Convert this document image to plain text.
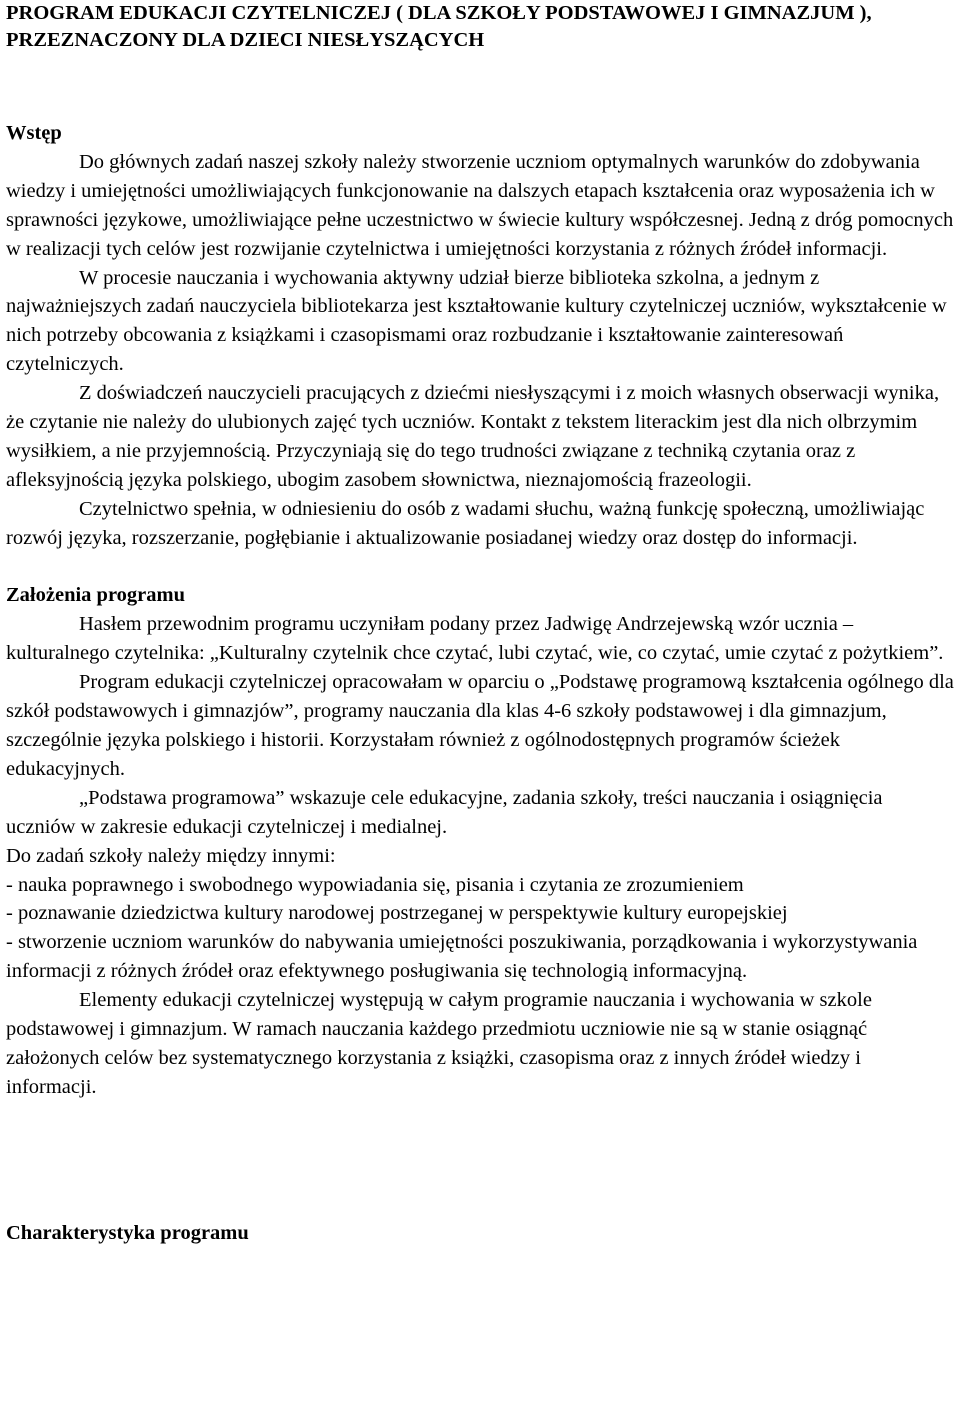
PROGRAM EDUKACJI CZYTELNICZEJ ( DLA SZKOŁY PODSTAWOWEJ I GIMNAZJUM ), PRZEZNACZONY DLA DZIECI NIESŁYSZĄCYCH
Wstęp

Do głównych zadań naszej szkoły należy stworzenie uczniom optymalnych warunków do zdobywania wiedzy i umiejętności umożliwiających funkcjonowanie na dalszych etapach kształcenia oraz wyposażenia ich w sprawności językowe, umożliwiające pełne uczestnictwo w świecie kultury współczesnej. Jedną z dróg pomocnych w realizacji tych celów jest rozwijanie czytelnictwa i umiejętności korzystania z różnych źródeł informacji.

W procesie nauczania i wychowania aktywny udział bierze biblioteka szkolna, a jednym z najważniejszych zadań nauczyciela bibliotekarza jest kształtowanie kultury czytelniczej uczniów, wykształcenie w nich potrzeby obcowania z książkami i czasopismami oraz rozbudzanie i kształtowanie zainteresowań czytelniczych.

Z doświadczeń nauczycieli pracujących z dziećmi niesłyszącymi i z moich własnych obserwacji wynika, że czytanie nie należy do ulubionych zajęć tych uczniów. Kontakt z tekstem literackim jest dla nich olbrzymim wysiłkiem, a nie przyjemnością. Przyczyniają się do tego trudności związane z techniką czytania oraz z afleksyjnością języka polskiego, ubogim zasobem słownictwa, nieznajomością frazeologii.

Czytelnictwo spełnia, w odniesieniu do osób z wadami słuchu, ważną funkcję społeczną, umożliwiając rozwój języka, rozszerzanie, pogłębianie i aktualizowanie posiadanej wiedzy oraz dostęp do informacji.

Założenia programu

Hasłem przewodnim programu uczyniłam podany przez Jadwigę Andrzejewską wzór ucznia – kulturalnego czytelnika: „Kulturalny czytelnik chce czytać, lubi czytać, wie, co czytać, umie czytać z pożytkiem”.

Program edukacji czytelniczej opracowałam w oparciu o „Podstawę programową kształcenia ogólnego dla szkół podstawowych i gimnazjów”, programy nauczania dla klas 4-6 szkoły podstawowej i dla gimnazjum, szczególnie języka polskiego i historii. Korzystałam również z ogólnodostępnych programów ścieżek edukacyjnych.

„Podstawa programowa” wskazuje cele edukacyjne, zadania szkoły, treści nauczania i osiągnięcia uczniów w zakresie edukacji czytelniczej i medialnej.

Do zadań szkoły należy między innymi:

- nauka poprawnego i swobodnego wypowiadania się, pisania i czytania ze zrozumieniem

- poznawanie dziedzictwa kultury narodowej postrzeganej w perspektywie kultury europejskiej

- stworzenie uczniom warunków do nabywania umiejętności poszukiwania, porządkowania i wykorzystywania informacji z różnych źródeł oraz efektywnego posługiwania się technologią informacyjną.

Elementy edukacji czytelniczej występują w całym programie nauczania i wychowania w szkole podstawowej i gimnazjum. W ramach nauczania każdego przedmiotu uczniowie nie są w stanie osiągnąć założonych celów bez systematycznego korzystania z książki, czasopisma oraz z innych źródeł wiedzy i informacji.

Charakterystyka programu
